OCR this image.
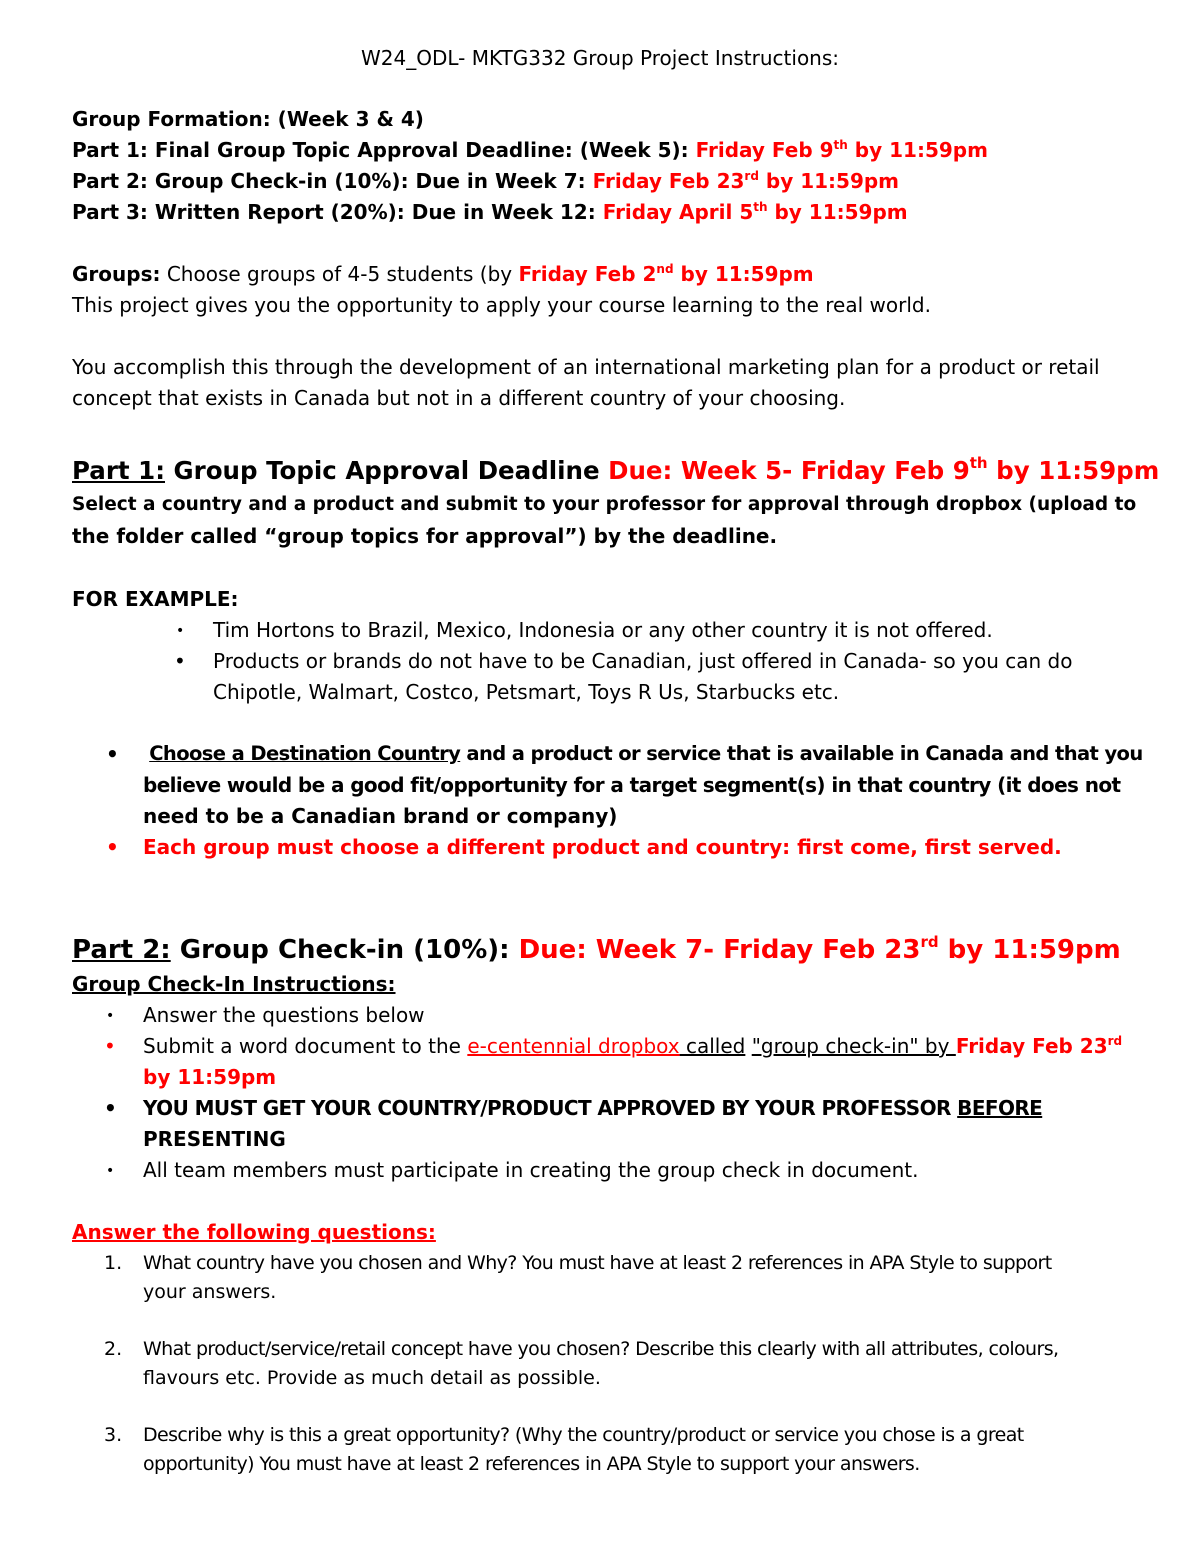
W24_ODL- MKTG332 Group Project Instructions:
Group Formation: (Week 3 & 4)
Part 1: Final Group Topic Approval Deadline: (Week 5): Friday Feb 9th by 11:59pm
Part 2: Group Check-in (10%): Due in Week 7: Friday Feb 23rd by 11:59pm
Part 3: Written Report (20%): Due in Week 12: Friday April 5th by 11:59pm
Groups: Choose groups of 4-5 students (by Friday Feb 2nd by 11:59pm
This project gives you the opportunity to apply your course learning to the real world.
You accomplish this through the development of an international marketing plan for a product or retail
concept that exists in Canada but not in a different country of your choosing.
Part 1: Group Topic Approval Deadline Due: Week 5- Friday Feb 9th by 11:59pm
Select a country and a product and submit to your professor for approval through dropbox (upload to
the folder called “group topics for approval”) by the deadline.
FOR EXAMPLE:
• Tim Hortons to Brazil, Mexico, Indonesia or any other country it is not offered.
• Products or brands do not have to be Canadian, just offered in Canada- so you can do
Chipotle, Walmart, Costco, Petsmart, Toys R Us, Starbucks etc.
•	Choose a Destination Country and a product or service that is available in Canada and that you
believe would be a good fit/opportunity for a target segment(s) in that country (it does not
need to be a Canadian brand or company)
• Each group must choose a different product and country: first come, first served.
Part 2: Group Check-in (10%): Due: Week 7- Friday Feb 23rd by 11:59pm
Group Check-In Instructions:
• Answer the questions below
• Submit a word document to the e-centennial dropbox called "group check-in" by Friday Feb 23rd
by 11:59pm
• YOU MUST GET YOUR COUNTRY/PRODUCT APPROVED BY YOUR PROFESSOR BEFORE
PRESENTING
• All team members must participate in creating the group check in document.
Answer the following questions:
1. What country have you chosen and Why? You must have at least 2 references in APA Style to support
your answers.
2. What product/service/retail concept have you chosen? Describe this clearly with all attributes, colours,
flavours etc. Provide as much detail as possible.
3. Describe why is this a great opportunity? (Why the country/product or service you chose is a great
opportunity) You must have at least 2 references in APA Style to support your answers.
